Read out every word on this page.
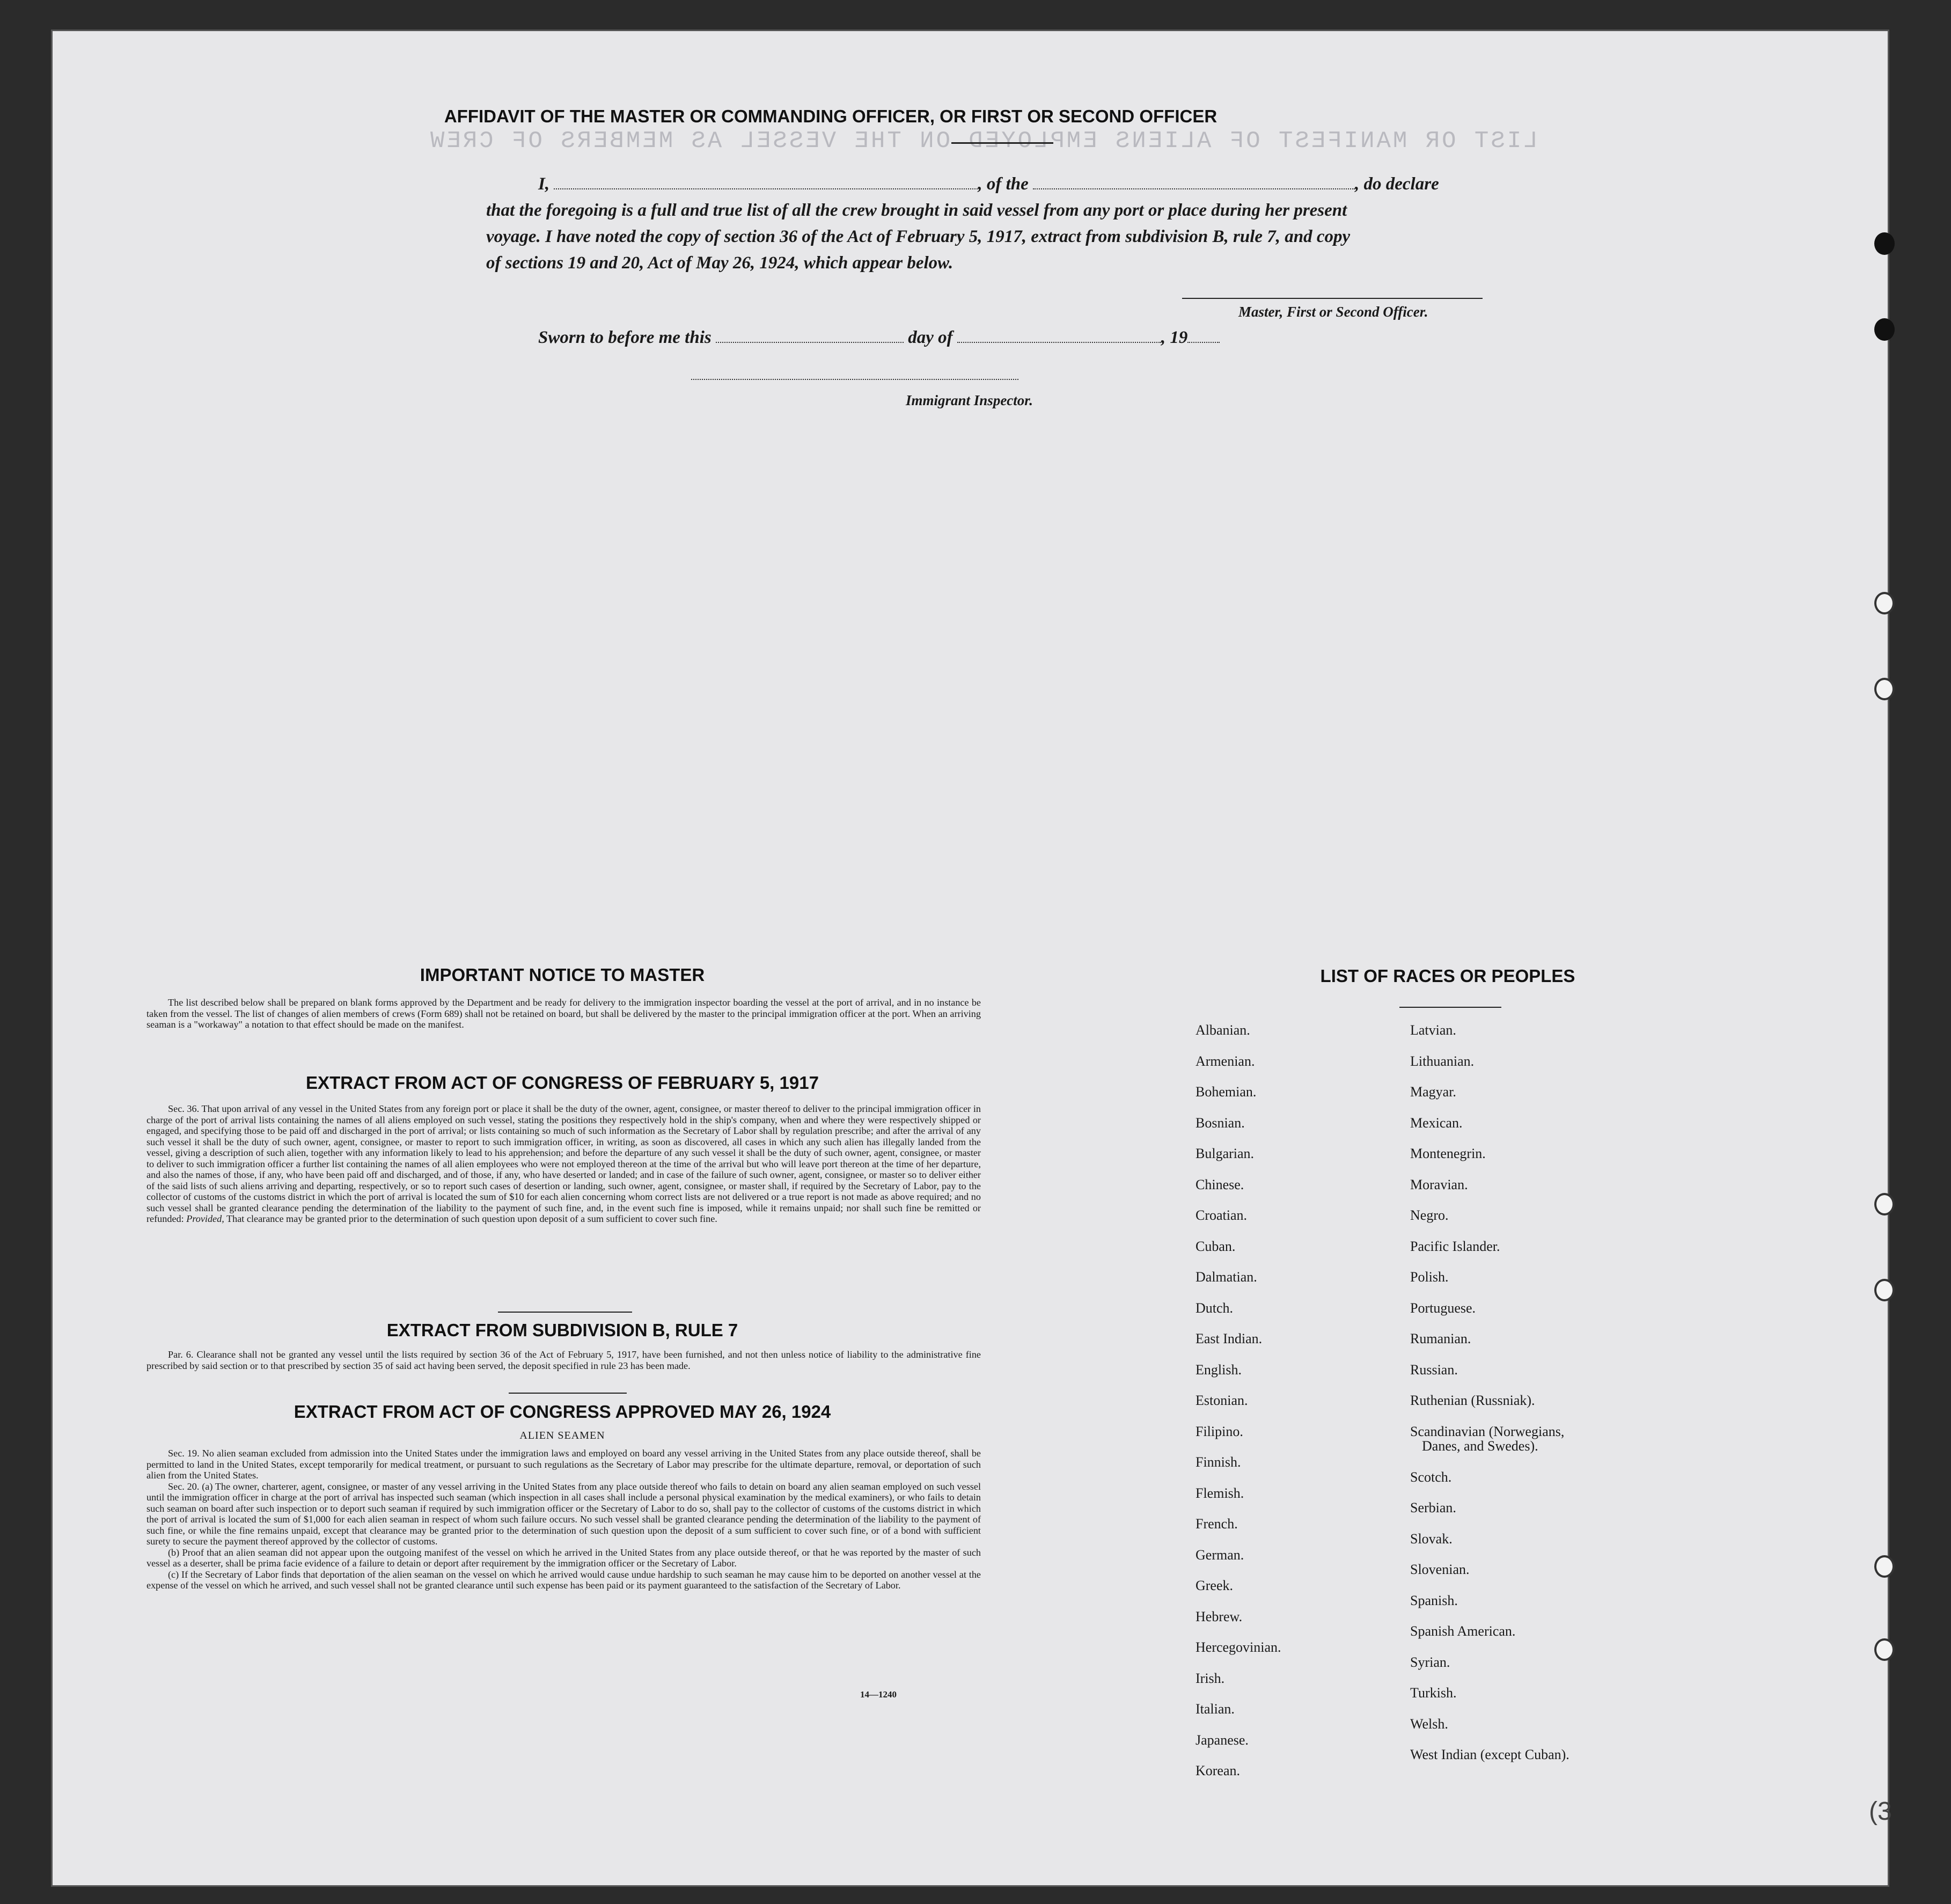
LIST OR MANIFEST OF ALIENS EMPLOYED ON THE VESSEL AS MEMBERS OF CREW
AFFIDAVIT OF THE MASTER OR COMMANDING OFFICER, OR FIRST OR SECOND OFFICER
I,	, of the	, do declare
that the foregoing is a full and true list of all the crew brought in said vessel from any port or place during her present
voyage. I have noted the copy of section 36 of the Act of February 5, 1917, extract from subdivision B, rule 7, and copy
of sections 19 and 20, Act of May 26, 1924, which appear below.
Master, First or Second Officer.
Sworn to before me this	day of	, 19
Immigrant Inspector.
IMPORTANT NOTICE TO MASTER

The list described below shall be prepared on blank forms approved by the Department and be ready for delivery to the immigration inspector boarding the vessel at the port of arrival, and in no instance be taken from the vessel. The list of changes of alien members of crews (Form 689) shall not be retained on board, but shall be delivered by the master to the principal immigration officer at the port. When an arriving seaman is a "workaway" a notation to that effect should be made on the manifest.

EXTRACT FROM ACT OF CONGRESS OF FEBRUARY 5, 1917

Sec. 36. That upon arrival of any vessel in the United States from any foreign port or place it shall be the duty of the owner, agent, consignee, or master thereof to deliver to the principal immigration officer in charge of the port of arrival lists containing the names of all aliens employed on such vessel, stating the positions they respectively hold in the ship's company, when and where they were respectively shipped or engaged, and specifying those to be paid off and discharged in the port of arrival; or lists containing so much of such information as the Secretary of Labor shall by regulation prescribe; and after the arrival of any such vessel it shall be the duty of such owner, agent, consignee, or master to report to such immigration officer, in writing, as soon as discovered, all cases in which any such alien has illegally landed from the vessel, giving a description of such alien, together with any information likely to lead to his apprehension; and before the departure of any such vessel it shall be the duty of such owner, agent, consignee, or master to deliver to such immigration officer a further list containing the names of all alien employees who were not employed thereon at the time of the arrival but who will leave port thereon at the time of her departure, and also the names of those, if any, who have been paid off and discharged, and of those, if any, who have deserted or landed; and in case of the failure of such owner, agent, consignee, or master so to deliver either of the said lists of such aliens arriving and departing, respectively, or so to report such cases of desertion or landing, such owner, agent, consignee, or master shall, if required by the Secretary of Labor, pay to the collector of customs of the customs district in which the port of arrival is located the sum of $10 for each alien concerning whom correct lists are not delivered or a true report is not made as above required; and no such vessel shall be granted clearance pending the determination of the liability to the payment of such fine, and, in the event such fine is imposed, while it remains unpaid; nor shall such fine be remitted or refunded: Provided, That clearance may be granted prior to the determination of such question upon deposit of a sum sufficient to cover such fine.

EXTRACT FROM SUBDIVISION B, RULE 7

Par. 6. Clearance shall not be granted any vessel until the lists required by section 36 of the Act of February 5, 1917, have been furnished, and not then unless notice of liability to the administrative fine prescribed by said section or to that prescribed by section 35 of said act having been served, the deposit specified in rule 23 has been made.

EXTRACT FROM ACT OF CONGRESS APPROVED MAY 26, 1924
ALIEN SEAMEN

Sec. 19. No alien seaman excluded from admission into the United States under the immigration laws and employed on board any vessel arriving in the United States from any place outside thereof, shall be permitted to land in the United States, except temporarily for medical treatment, or pursuant to such regulations as the Secretary of Labor may prescribe for the ultimate departure, removal, or deportation of such alien from the United States.

Sec. 20. (a) The owner, charterer, agent, consignee, or master of any vessel arriving in the United States from any place outside thereof who fails to detain on board any alien seaman employed on such vessel until the immigration officer in charge at the port of arrival has inspected such seaman (which inspection in all cases shall include a personal physical examination by the medical examiners), or who fails to detain such seaman on board after such inspection or to deport such seaman if required by such immigration officer or the Secretary of Labor to do so, shall pay to the collector of customs of the customs district in which the port of arrival is located the sum of $1,000 for each alien seaman in respect of whom such failure occurs. No such vessel shall be granted clearance pending the determination of the liability to the payment of such fine, or while the fine remains unpaid, except that clearance may be granted prior to the determination of such question upon the deposit of a sum sufficient to cover such fine, or of a bond with sufficient surety to secure the payment thereof approved by the collector of customs.

(b) Proof that an alien seaman did not appear upon the outgoing manifest of the vessel on which he arrived in the United States from any place outside thereof, or that he was reported by the master of such vessel as a deserter, shall be prima facie evidence of a failure to detain or deport after requirement by the immigration officer or the Secretary of Labor.

(c) If the Secretary of Labor finds that deportation of the alien seaman on the vessel on which he arrived would cause undue hardship to such seaman he may cause him to be deported on another vessel at the expense of the vessel on which he arrived, and such vessel shall not be granted clearance until such expense has been paid or its payment guaranteed to the satisfaction of the Secretary of Labor.

14—1240
LIST OF RACES OR PEOPLES
Albanian.
Armenian.
Bohemian.
Bosnian.
Bulgarian.
Chinese.
Croatian.
Cuban.
Dalmatian.
Dutch.
East Indian.
English.
Estonian.
Filipino.
Finnish.
Flemish.
French.
German.
Greek.
Hebrew.
Hercegovinian.
Irish.
Italian.
Japanese.
Korean.
Latvian.
Lithuanian.
Magyar.
Mexican.
Montenegrin.
Moravian.
Negro.
Pacific Islander.
Polish.
Portuguese.
Rumanian.
Russian.
Ruthenian (Russniak).
Scandinavian (Norwegians,
Danes, and Swedes).
Scotch.
Serbian.
Slovak.
Slovenian.
Spanish.
Spanish American.
Syrian.
Turkish.
Welsh.
West Indian (except Cuban).
(3
